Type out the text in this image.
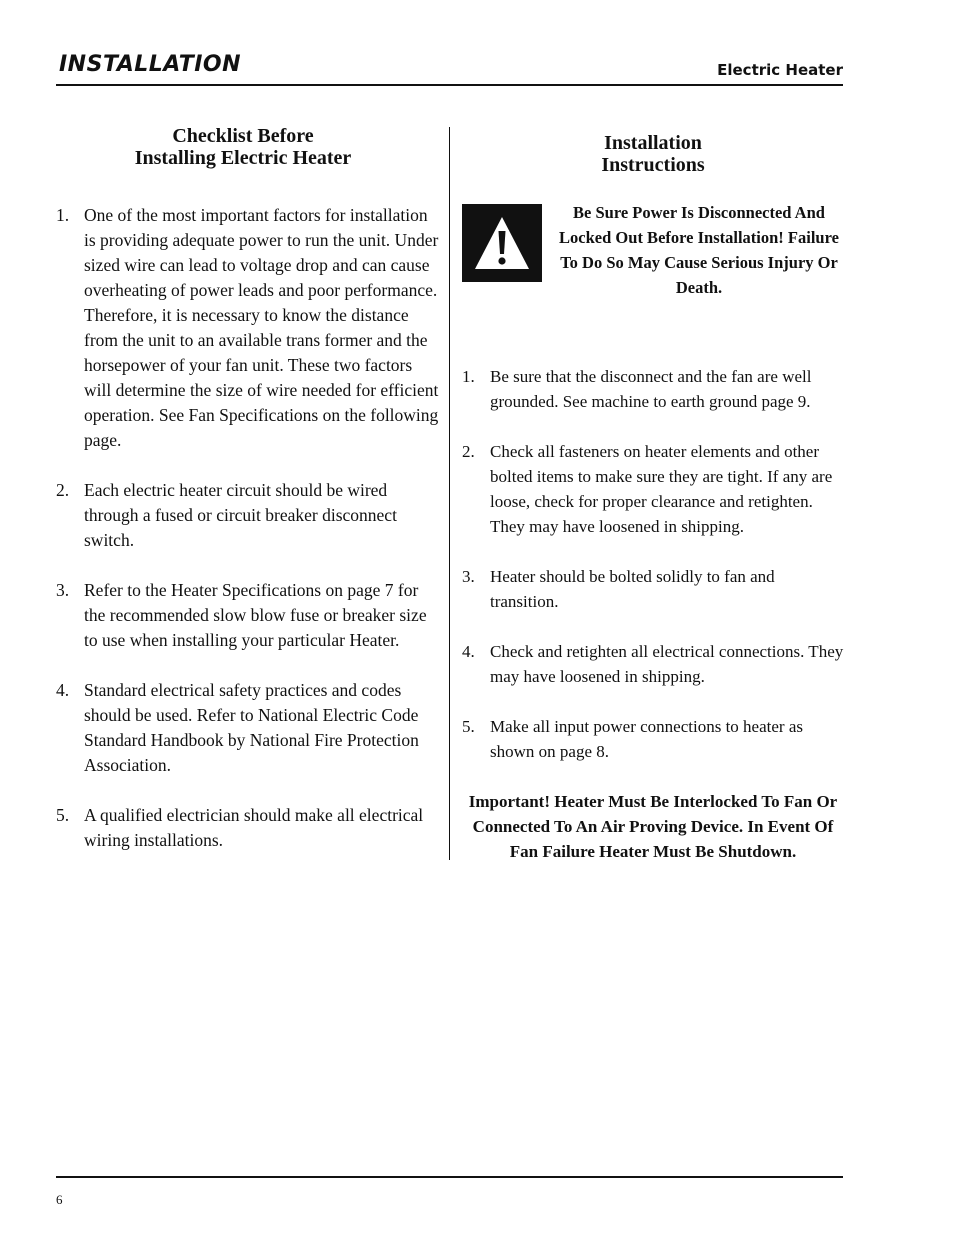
INSTALLATION	Electric Heater
Checklist Before
Installing Electric Heater
1. One of the most important factors for installation is providing adequate power to run the unit. Under sized wire can lead to voltage drop and can cause overheating of power leads and poor performance. Therefore, it is necessary to know the distance from the unit to an available trans former and the horsepower of your fan unit. These two factors will determine the size of wire needed for efficient operation. See Fan Specifications on the following page.
2. Each electric heater circuit should be wired through a fused or circuit breaker disconnect switch.
3. Refer to the Heater Specifications on page 7 for the recommended slow blow fuse or breaker size to use when installing your particular Heater.
4. Standard electrical safety practices and codes should be used. Refer to National Electric Code Standard Handbook by National Fire Protection Association.
5. A qualified electrician should make all electrical wiring installations.
Installation
Instructions
Be Sure Power Is Disconnected And Locked Out Before Installation! Failure To Do So May Cause Serious Injury Or Death.
1. Be sure that the disconnect and the fan are well grounded. See machine to earth ground page 9.
2. Check all fasteners on heater elements and other bolted items to make sure they are tight. If any are loose, check for proper clearance and retighten. They may have loosened in shipping.
3. Heater should be bolted solidly to fan and transition.
4. Check and retighten all electrical connections. They may have loosened in shipping.
5. Make all input power connections to heater as shown on page 8.
Important! Heater Must Be Interlocked To Fan Or Connected To An Air Proving Device. In Event Of Fan Failure Heater Must Be Shutdown.
6
